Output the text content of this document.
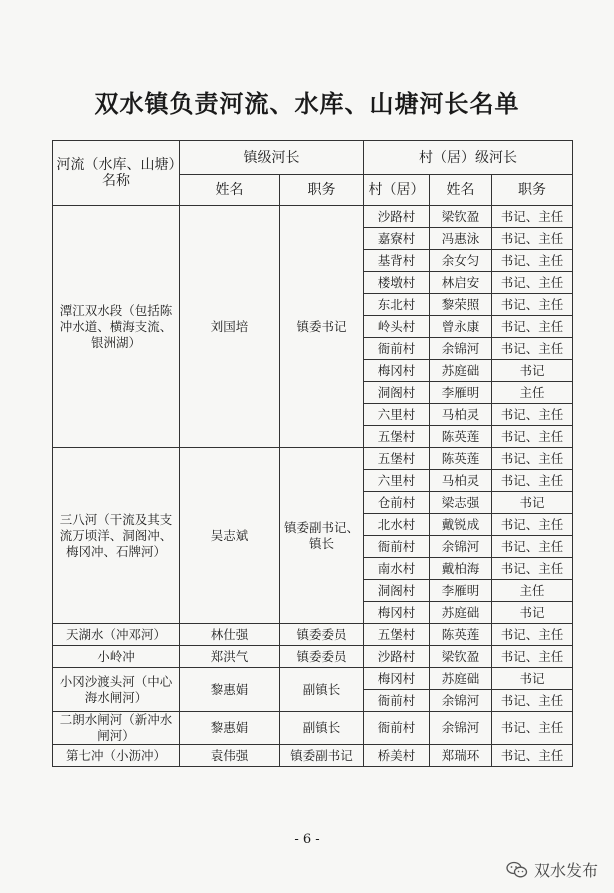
双水镇负责河流、水库、山塘河长名单
河流（水库、山塘）名称	镇级河长		村（居）级河长		
	姓名	职务	村（居）	姓名	职务
潭江双水段（包括陈冲水道、横海支流、银洲湖）	刘国培	镇委书记	沙路村	梁钦盈	书记、主任
			嘉寮村	冯惠泳	书记、主任
			基背村	余女匀	书记、主任
			楼墩村	林启安	书记、主任
			东北村	黎荣照	书记、主任
			岭头村	曾永康	书记、主任
			衙前村	余锦河	书记、主任
			梅冈村	苏庭础	书记
			洞阁村	李雁明	主任
			六里村	马柏灵	书记、主任
			五堡村	陈英莲	书记、主任
三八河（干流及其支流万顷洋、洞阁冲、梅冈冲、石牌河）	吴志斌	镇委副书记、镇长	五堡村	陈英莲	书记、主任
			六里村	马柏灵	书记、主任
			仓前村	梁志强	书记
			北水村	戴锐成	书记、主任
			衙前村	余锦河	书记、主任
			南水村	戴柏海	书记、主任
			洞阁村	李雁明	主任
			梅冈村	苏庭础	书记
天湖水（冲邓河）	林仕强	镇委委员	五堡村	陈英莲	书记、主任
小岭冲	郑洪气	镇委委员	沙路村	梁钦盈	书记、主任
小冈沙渡头河（中心海水闸河）	黎惠娟	副镇长	梅冈村	苏庭础	书记
			衙前村	余锦河	书记、主任
二朗水闸河（新冲水闸河）	黎惠娟	副镇长	衙前村	余锦河	书记、主任
第七冲（小沥冲）	袁伟强	镇委副书记	桥美村	郑瑞环	书记、主任
- 6 -
双水发布
